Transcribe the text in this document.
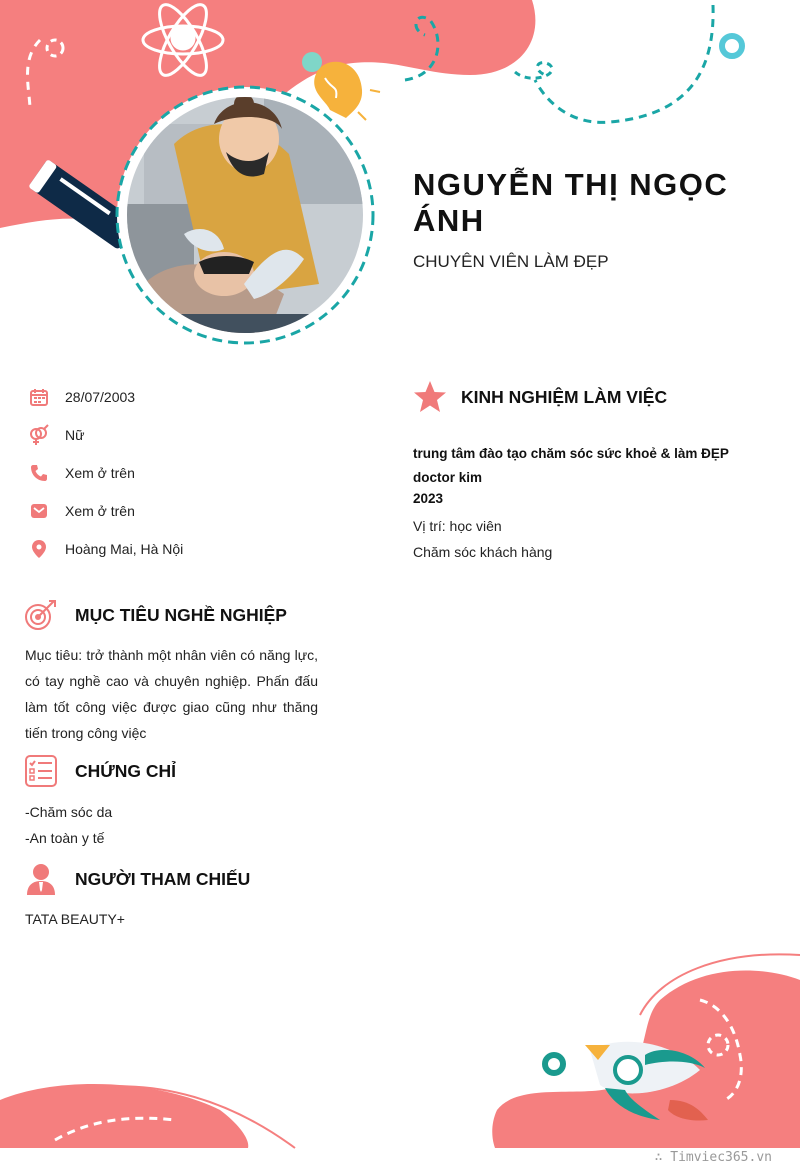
NGUYỄN THỊ NGỌC ÁNH
CHUYÊN VIÊN LÀM ĐẸP
28/07/2003
Nữ
Xem ở trên
Xem ở trên
Hoàng Mai, Hà Nội
MỤC TIÊU NGHỀ NGHIỆP
Mục tiêu: trở thành một nhân viên có năng lực, có tay nghề cao và chuyên nghiệp. Phấn đấu làm tốt công việc được giao cũng như thăng tiến trong công việc
CHỨNG CHỈ
-Chăm sóc da
-An toàn y tế
NGƯỜI THAM CHIẾU
TATA BEAUTY+
KINH NGHIỆM LÀM VIỆC
trung tâm đào tạo chăm sóc sức khoẻ & làm ĐẸP doctor kim
2023
Vị trí: học viên
Chăm sóc khách hàng
∴ Timviec365.vn
